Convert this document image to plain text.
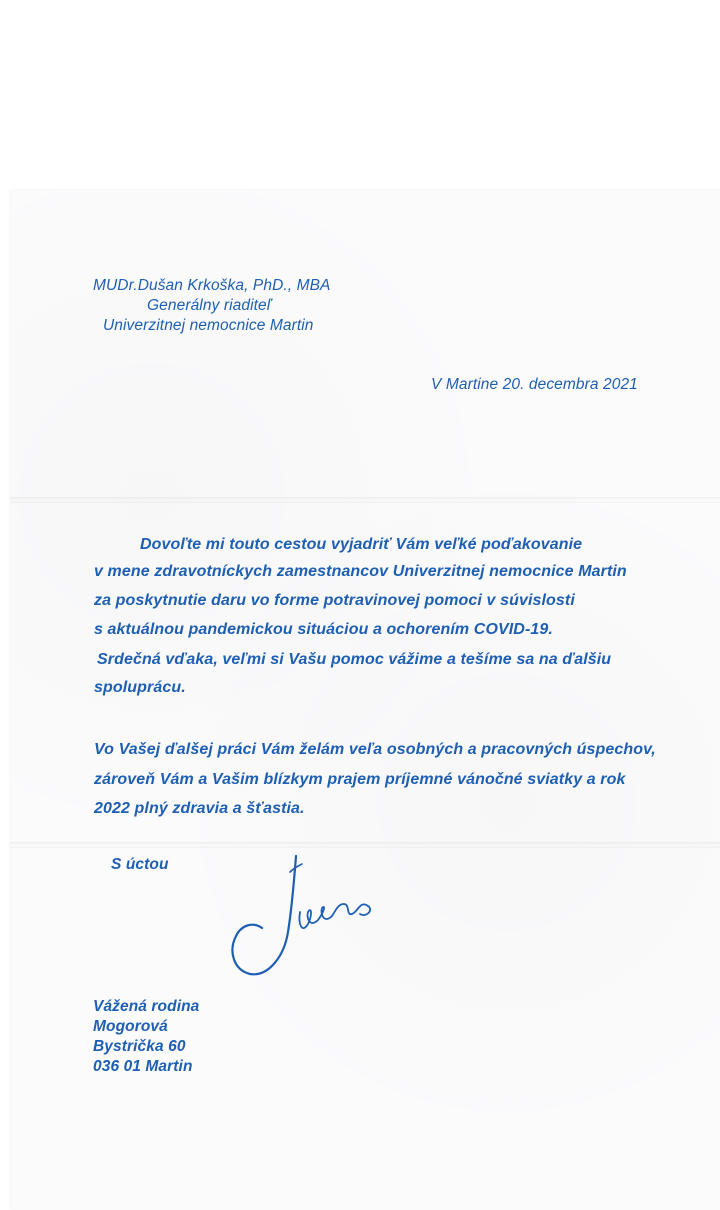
MUDr.Dušan Krkoška, PhD., MBA

Generálny riaditeľ

Univerzitnej nemocnice Martin

V Martine 20. decembra 2021

Dovoľte mi touto cestou vyjadriť Vám veľké poďakovanie

v mene zdravotníckych zamestnancov Univerzitnej nemocnice Martin

za poskytnutie daru vo forme potravinovej pomoci v súvislosti

s aktuálnou pandemickou situáciou a ochorením COVID-19.

Srdečná vďaka, veľmi si Vašu pomoc vážime a tešíme sa na ďalšiu

spoluprácu.

Vo Vašej ďalšej práci Vám želám veľa osobných a pracovných úspechov,

zároveň Vám a Vašim blízkym prajem príjemné vánočné sviatky a rok

2022 plný zdravia a šťastia.

S úctou

Vážená rodina

Mogorová

Bystrička 60

036 01 Martin
